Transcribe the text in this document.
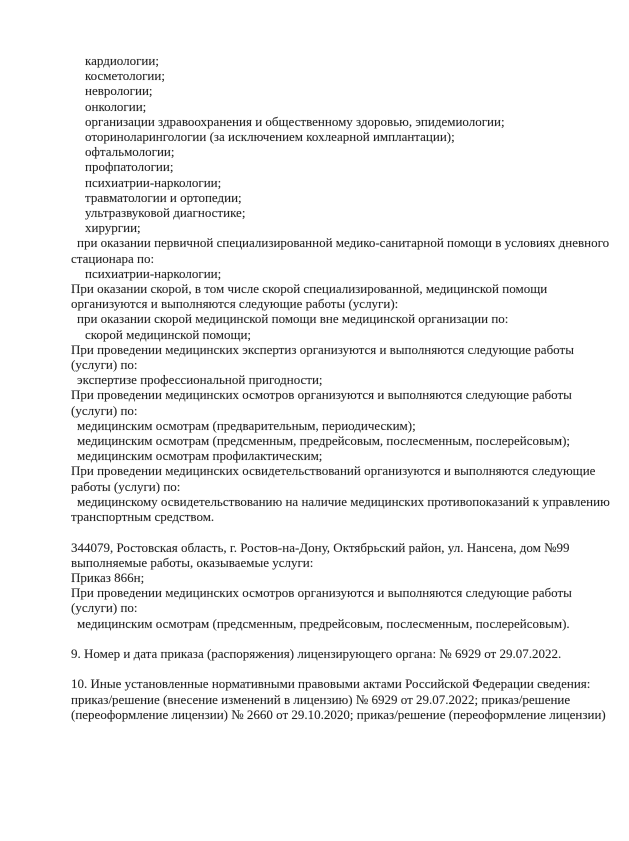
кардиологии;
косметологии;
неврологии;
онкологии;
организации здравоохранения и общественному здоровью, эпидемиологии;
оториноларингологии (за исключением кохлеарной имплантации);
офтальмологии;
профпатологии;
психиатрии-наркологии;
травматологии и ортопедии;
ультразвуковой диагностике;
хирургии;
при оказании первичной специализированной медико-санитарной помощи в условиях дневного
стационара по:
психиатрии-наркологии;
При оказании скорой, в том числе скорой специализированной, медицинской помощи
организуются и выполняются следующие работы (услуги):
при оказании скорой медицинской помощи вне медицинской организации по:
скорой медицинской помощи;
При проведении медицинских экспертиз организуются и выполняются следующие работы
(услуги) по:
экспертизе профессиональной пригодности;
При проведении медицинских осмотров организуются и выполняются следующие работы
(услуги) по:
медицинским осмотрам (предварительным, периодическим);
медицинским осмотрам (предсменным, предрейсовым, послесменным, послерейсовым);
медицинским осмотрам профилактическим;
При проведении медицинских освидетельствований организуются и выполняются следующие
работы (услуги) по:
медицинскому освидетельствованию на наличие медицинских противопоказаний к управлению
транспортным средством.

344079, Ростовская область, г. Ростов-на-Дону, Октябрьский район, ул. Нансена, дом №99
выполняемые работы, оказываемые услуги:
Приказ 866н;
При проведении медицинских осмотров организуются и выполняются следующие работы
(услуги) по:
медицинским осмотрам (предсменным, предрейсовым, послесменным, послерейсовым).

9. Номер и дата приказа (распоряжения) лицензирующего органа: № 6929 от 29.07.2022.

10. Иные установленные нормативными правовыми актами Российской Федерации сведения:
приказ/решение (внесение изменений в лицензию) № 6929 от 29.07.2022; приказ/решение
(переоформление лицензии) № 2660 от 29.10.2020; приказ/решение (переоформление лицензии)
